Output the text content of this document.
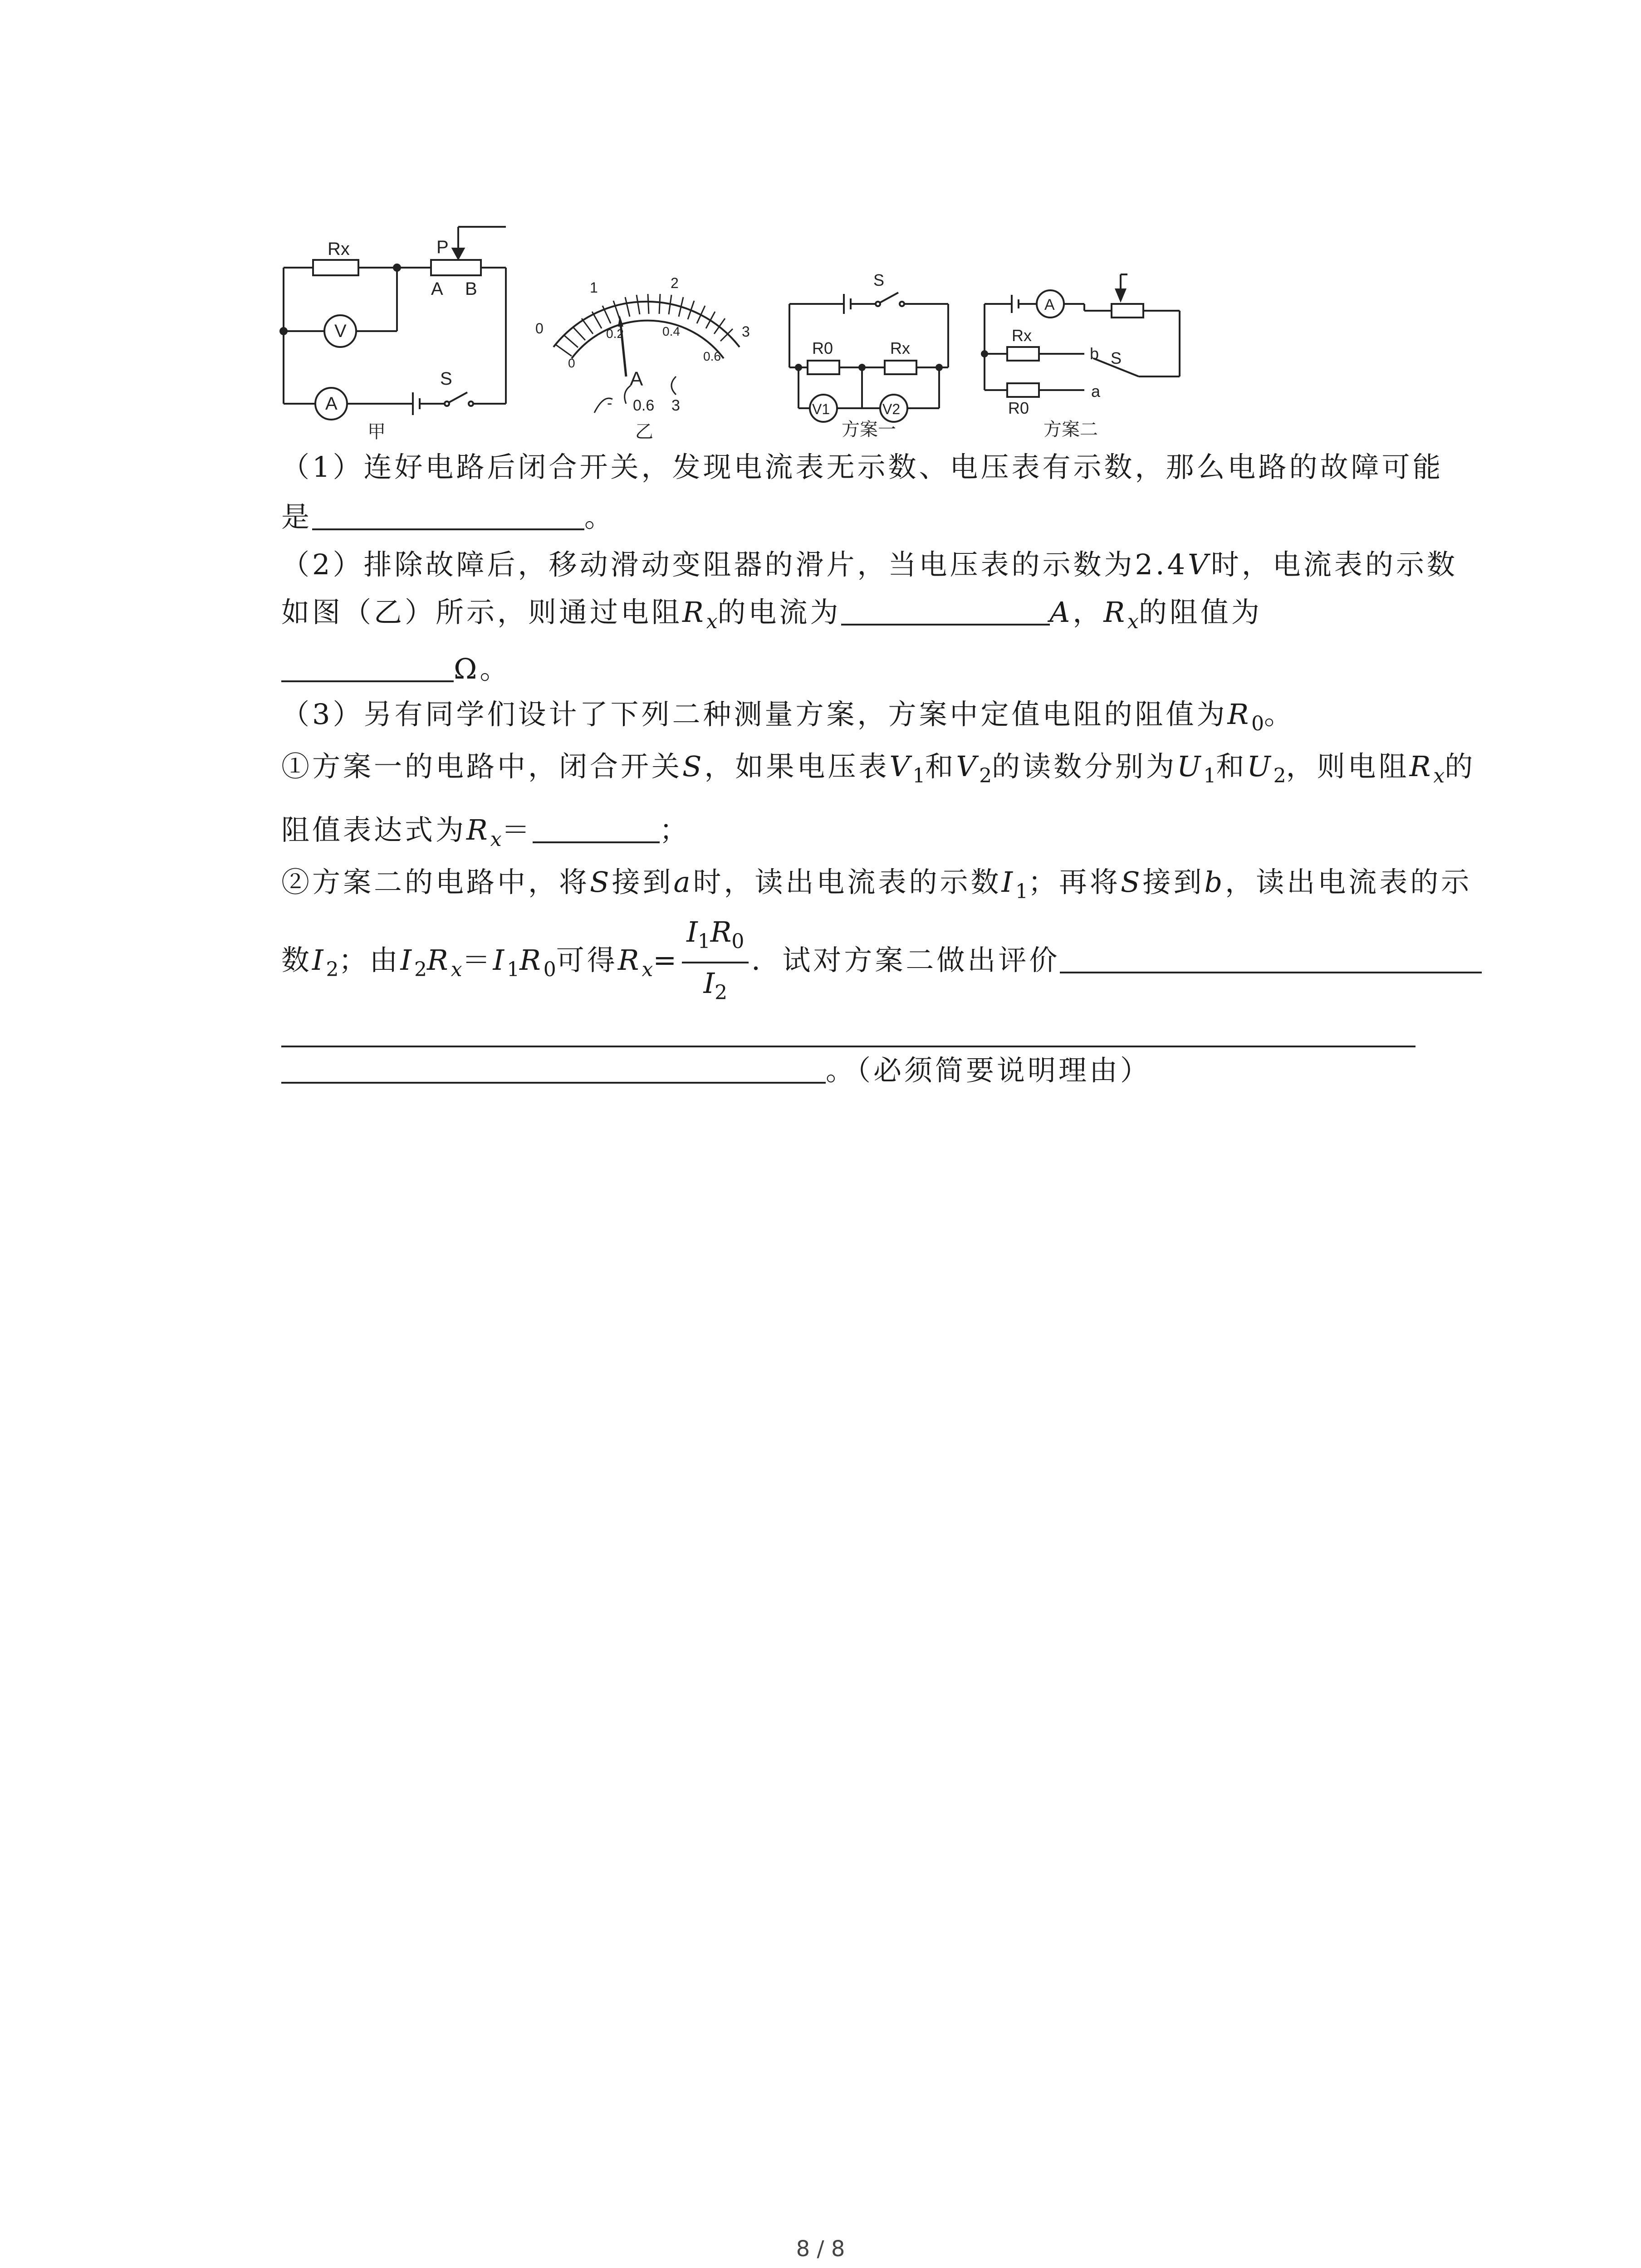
Rx	P
A B
V
A
S
甲
0
1	2
3
0
0.2	0.4
0.6
A
- 0.6 3
乙
S
R0	Rx
V1	V2
方案一
Rx
A
b S
R0
a
方案二
（1）连好电路后闭合开关，发现电流表无示数、电压表有示数，那么电路的故障可能
是	。
（2）排除故障后，移动滑动变阻器的滑片，当电压表的示数为2.4V时，电流表的示数
如图（乙）所示，则通过电阻$R_x$的电流为	A，$R_x$的阻值为
Ω。
（3）另有同学们设计了下列二种测量方案，方案中定值电阻的阻值为$R_0$。
①方案一的电路中，闭合开关S，如果电压表$V_1$和$V_2$的读数分别为$U_1$和$U_2$，则电阻$R_x$的
阻值表达式为$R_x=$	；
②方案二的电路中，将S接到a时，读出电流表的示数$I_1$；再将S接到b，读出电流表的示
数$I_2$；由$I_2R_x=I_1R_0$可得$R_x= \frac{I_1R_0}{I_2}$ ．试对方案二做出评价
。（必须简要说明理由）
8 / 8
